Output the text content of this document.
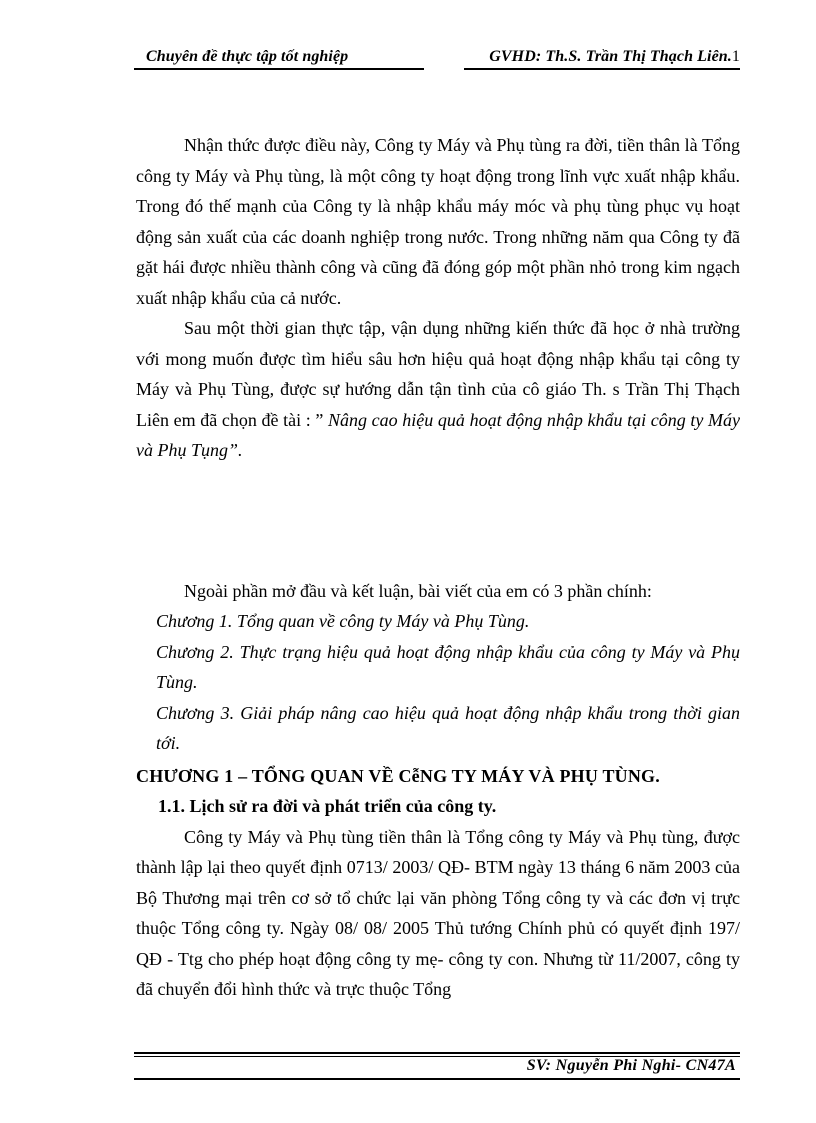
Chuyên đề thực tập tốt nghiệp	GVHD: Th.S. Trần Thị Thạch Liên.1

Nhận thức được điều này, Công ty Máy và Phụ tùng ra đời, tiền thân là Tổng công ty Máy và Phụ tùng, là một công ty hoạt động trong lĩnh vực xuất nhập khẩu. Trong đó thế mạnh của Công ty là nhập khẩu máy móc và phụ tùng phục vụ hoạt động sản xuất của các doanh nghiệp trong nước. Trong những năm qua Công ty đã gặt hái được nhiều thành công và cũng đã đóng góp một phần nhỏ trong kim ngạch xuất nhập khẩu của cả nước.

Sau một thời gian thực tập, vận dụng những kiến thức đã học ở nhà trường với mong muốn được tìm hiểu sâu hơn hiệu quả hoạt động nhập khẩu tại công ty Máy và Phụ Tùng, được sự hướng dẫn tận tình của cô giáo Th. s Trần Thị Thạch Liên em đã chọn đề tài : ” Nâng cao hiệu quả hoạt động nhập khẩu tại công ty Máy và Phụ Tụng”.

Ngoài phần mở đầu và kết luận, bài viết của em có 3 phần chính:

Chương 1. Tổng quan về công ty Máy và Phụ Tùng.

Chương 2. Thực trạng hiệu quả hoạt động nhập khẩu của công ty Máy và Phụ Tùng.

Chương 3. Giải pháp nâng cao hiệu quả hoạt động nhập khẩu trong thời gian tới.

CHƯƠNG 1 – TỔNG QUAN VỀ CễNG TY MÁY VÀ PHỤ TÙNG.

1.1. Lịch sử ra đời và phát triển của công ty.

Công ty Máy và Phụ tùng tiền thân là Tổng công ty Máy và Phụ tùng, được thành lập lại theo quyết định 0713/ 2003/ QĐ- BTM ngày 13 tháng 6 năm 2003 của Bộ Thương mại trên cơ sở tổ chức lại văn phòng Tổng công ty và các đơn vị trực thuộc Tổng công ty. Ngày 08/ 08/ 2005 Thủ tướng Chính phủ có quyết định 197/ QĐ - Ttg cho phép hoạt động công ty mẹ- công ty con. Nhưng từ 11/2007, công ty đã chuyển đổi hình thức và trực thuộc Tổng

SV: Nguyễn Phi Nghi- CN47A
